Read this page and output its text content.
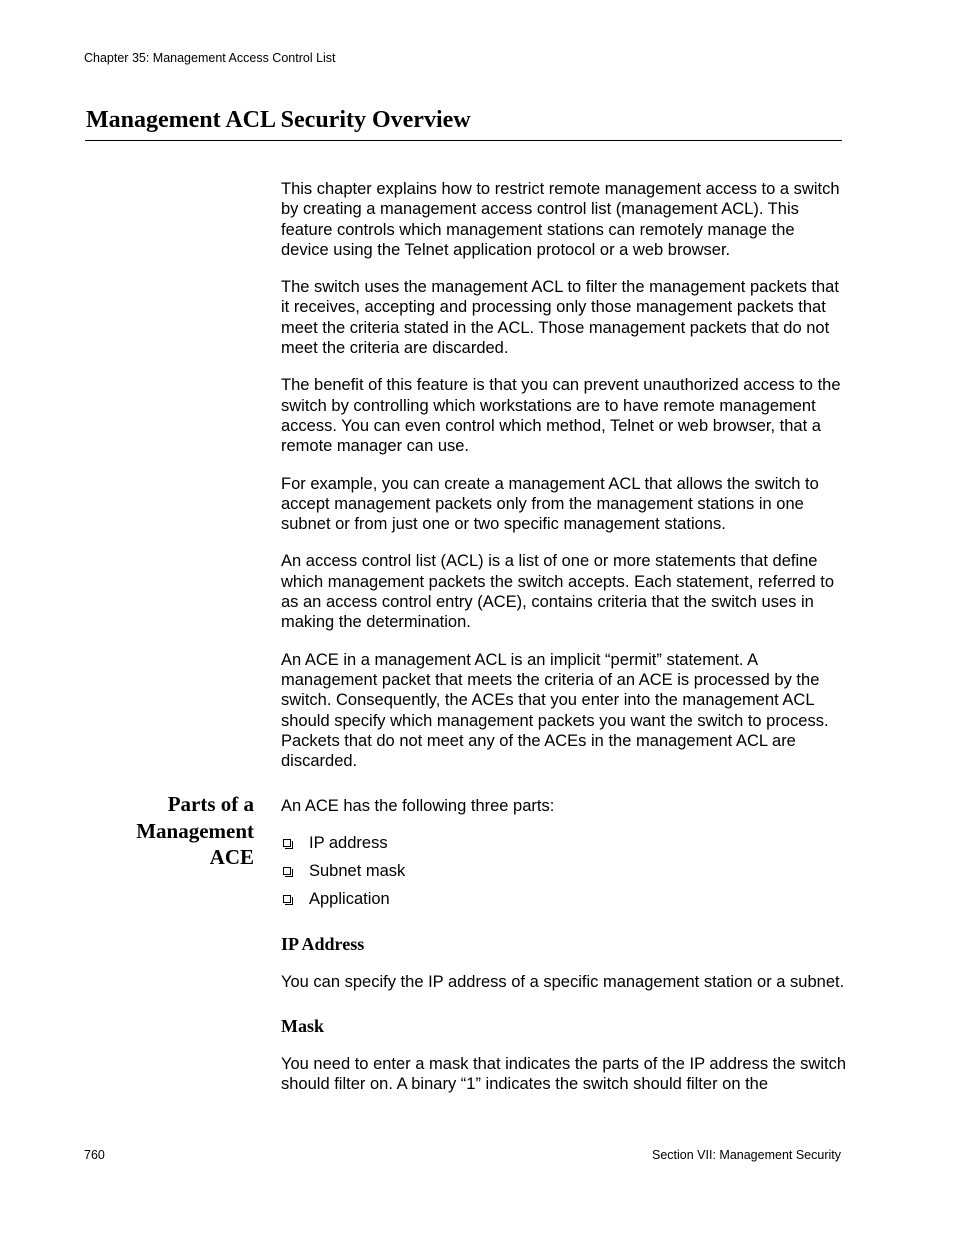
Chapter 35: Management Access Control List
Management ACL Security Overview

This chapter explains how to restrict remote management access to a switch by creating a management access control list (management ACL). This feature controls which management stations can remotely manage the device using the Telnet application protocol or a web browser.

The switch uses the management ACL to filter the management packets that it receives, accepting and processing only those management packets that meet the criteria stated in the ACL. Those management packets that do not meet the criteria are discarded.

The benefit of this feature is that you can prevent unauthorized access to the switch by controlling which workstations are to have remote management access. You can even control which method, Telnet or web browser, that a remote manager can use.

For example, you can create a management ACL that allows the switch to accept management packets only from the management stations in one subnet or from just one or two specific management stations.

An access control list (ACL) is a list of one or more statements that define which management packets the switch accepts. Each statement, referred to as an access control entry (ACE), contains criteria that the switch uses in making the determination.

An ACE in a management ACL is an implicit “permit” statement. A management packet that meets the criteria of an ACE is processed by the switch. Consequently, the ACEs that you enter into the management ACL should specify which management packets you want the switch to process. Packets that do not meet any of the ACEs in the management ACL are discarded.

Parts of a Management ACE

An ACE has the following three parts:

IP address
Subnet mask
Application
IP Address

You can specify the IP address of a specific management station or a subnet.

Mask

You need to enter a mask that indicates the parts of the IP address the switch should filter on. A binary “1” indicates the switch should filter on the

760	Section VII: Management Security
